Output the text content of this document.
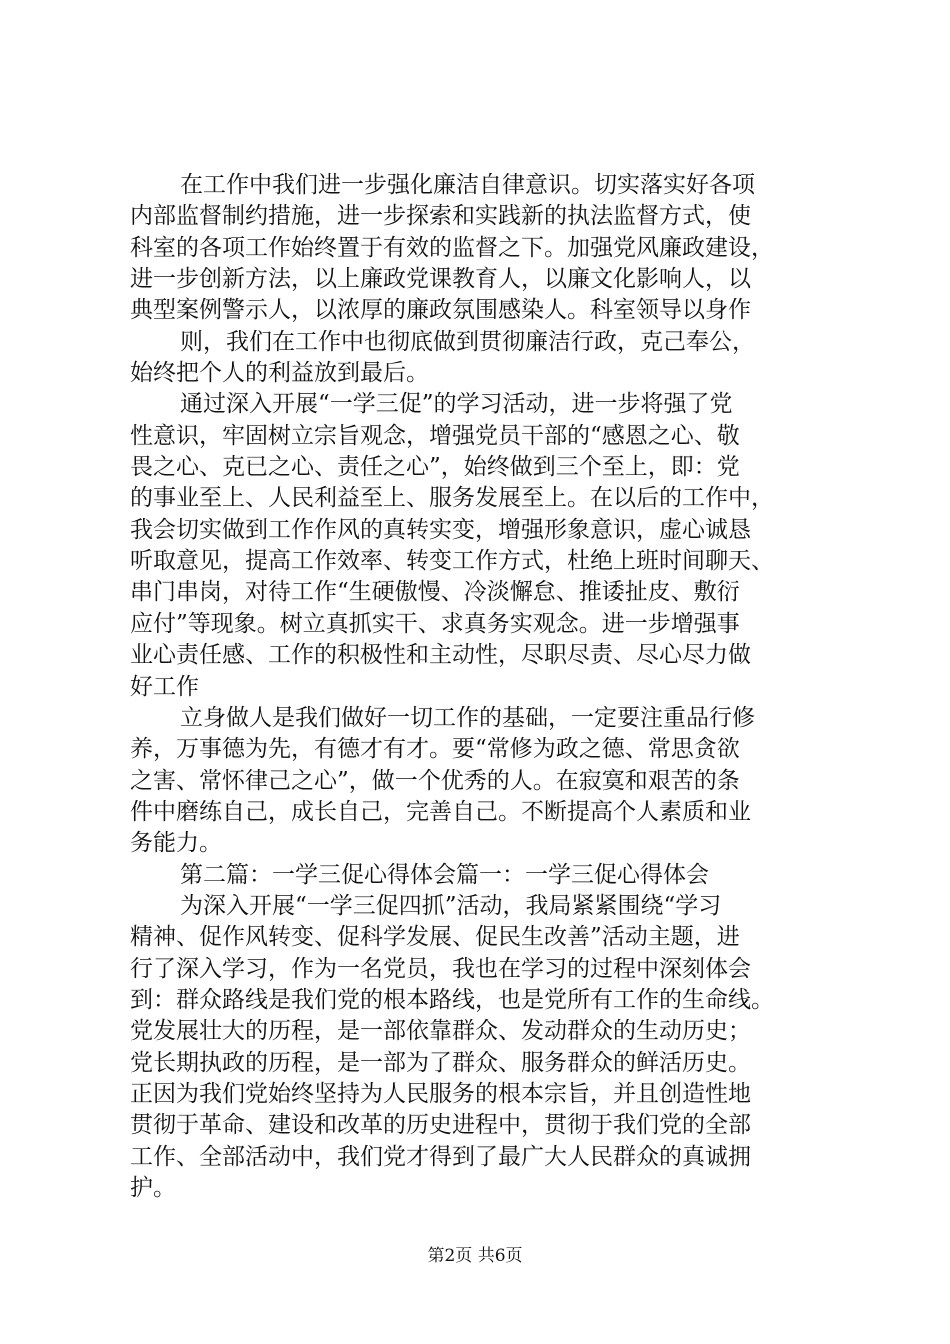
在工作中我们进一步强化廉洁自律意识。切实落实好各项
内部监督制约措施，进一步探索和实践新的执法监督方式，使
科室的各项工作始终置于有效的监督之下。加强党风廉政建设，
进一步创新方法，以上廉政党课教育人，以廉文化影响人，以
典型案例警示人，以浓厚的廉政氛围感染人。科室领导以身作
则，我们在工作中也彻底做到贯彻廉洁行政，克己奉公，
始终把个人的利益放到最后。
通过深入开展“一学三促”的学习活动，进一步将强了党
性意识，牢固树立宗旨观念，增强党员干部的“感恩之心、敬
畏之心、克已之心、责任之心”，始终做到三个至上，即：党
的事业至上、人民利益至上、服务发展至上。在以后的工作中，
我会切实做到工作作风的真转实变，增强形象意识，虚心诚恳
听取意见，提高工作效率、转变工作方式，杜绝上班时间聊天、
串门串岗，对待工作“生硬傲慢、冷淡懈怠、推诿扯皮、敷衍
应付”等现象。树立真抓实干、求真务实观念。进一步增强事
业心责任感、工作的积极性和主动性，尽职尽责、尽心尽力做
好工作
立身做人是我们做好一切工作的基础，一定要注重品行修
养，万事德为先，有德才有才。要“常修为政之德、常思贪欲
之害、常怀律己之心”，做一个优秀的人。在寂寞和艰苦的条
件中磨练自己，成长自己，完善自己。不断提高个人素质和业
务能力。
第二篇：一学三促心得体会篇一：一学三促心得体会
为深入开展“一学三促四抓”活动，我局紧紧围绕“学习
精神、促作风转变、促科学发展、促民生改善”活动主题，进
行了深入学习，作为一名党员，我也在学习的过程中深刻体会
到：群众路线是我们党的根本路线，也是党所有工作的生命线。
党发展壮大的历程，是一部依靠群众、发动群众的生动历史；
党长期执政的历程，是一部为了群众、服务群众的鲜活历史。
正因为我们党始终坚持为人民服务的根本宗旨，并且创造性地
贯彻于革命、建设和改革的历史进程中，贯彻于我们党的全部
工作、全部活动中，我们党才得到了最广大人民群众的真诚拥
护。
第2页 共6页
